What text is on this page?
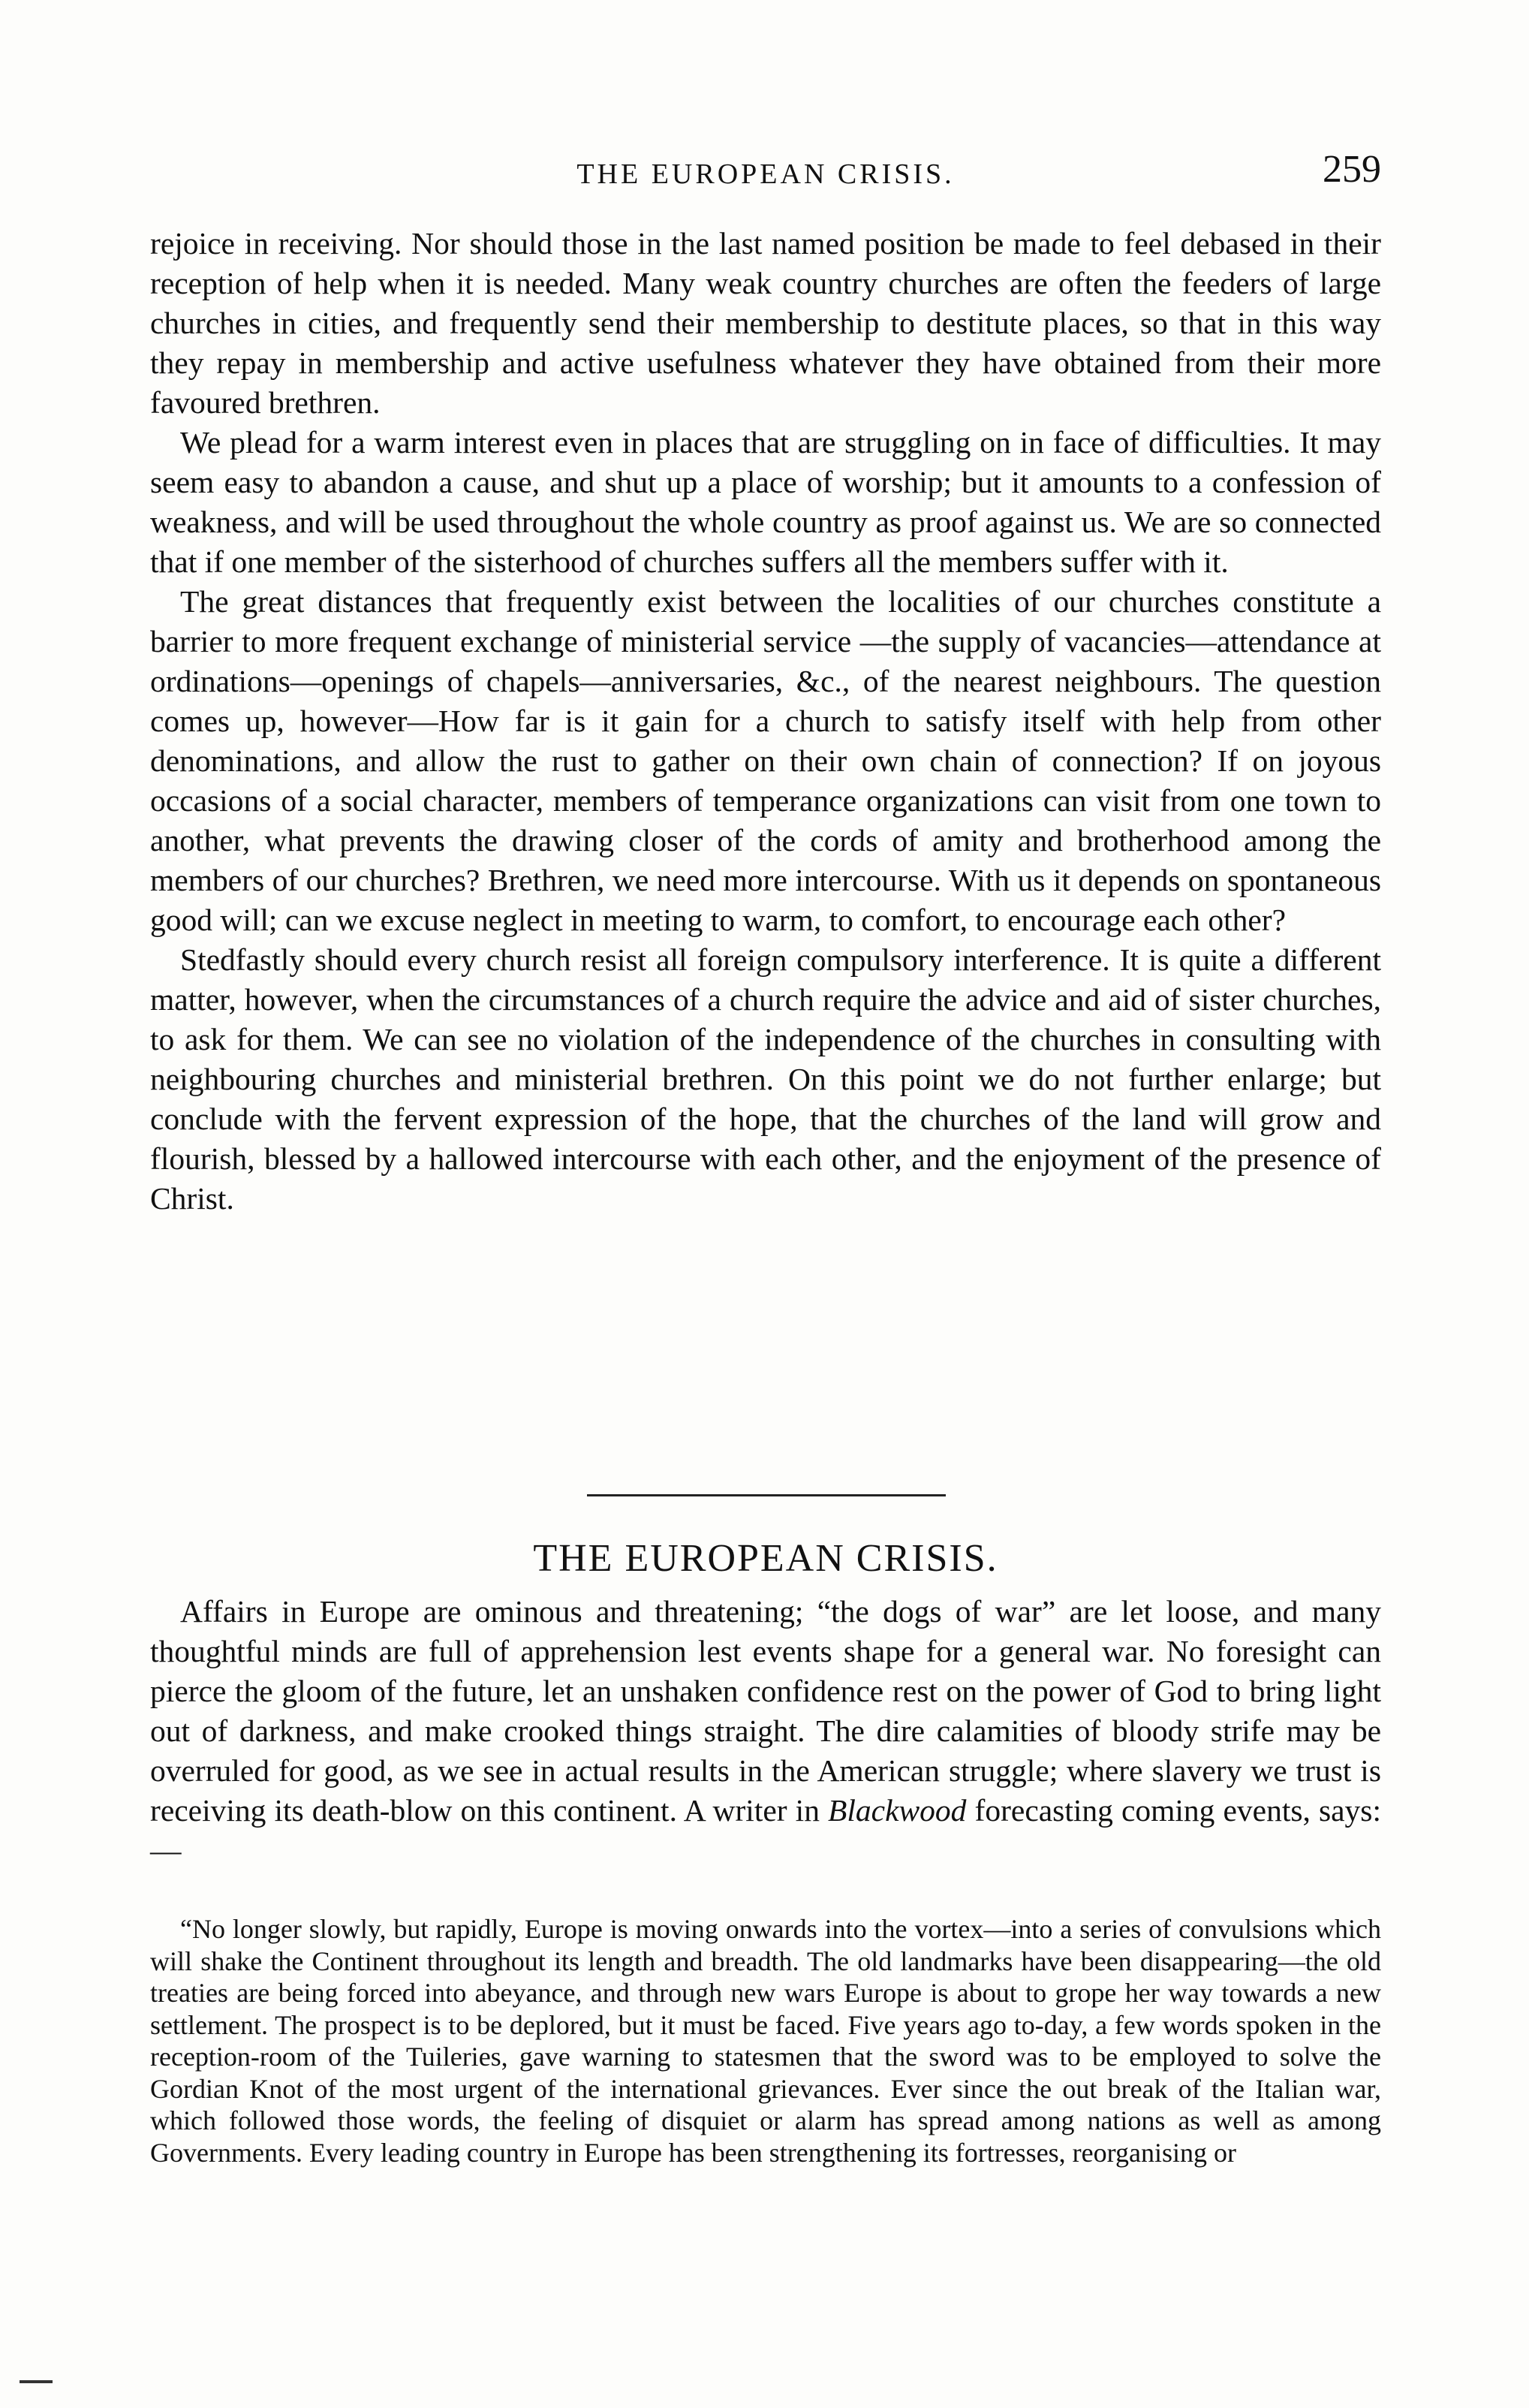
THE EUROPEAN CRISIS.	259

rejoice in receiving. Nor should those in the last named position be made to feel debased in their reception of help when it is needed. Many weak country churches are often the feeders of large churches in cities, and frequently send their membership to destitute places, so that in this way they repay in membership and active usefulness whatever they have obtained from their more favoured brethren.

We plead for a warm interest even in places that are struggling on in face of difficulties. It may seem easy to abandon a cause, and shut up a place of worship; but it amounts to a confession of weakness, and will be used throughout the whole country as proof against us. We are so connected that if one member of the sisterhood of churches suffers all the members suffer with it.

The great distances that frequently exist between the localities of our churches constitute a barrier to more frequent exchange of ministerial service —the supply of vacancies—attendance at ordinations—openings of chapels—anniversaries, &c., of the nearest neighbours. The question comes up, however—How far is it gain for a church to satisfy itself with help from other denominations, and allow the rust to gather on their own chain of connection? If on joyous occasions of a social character, members of temperance organizations can visit from one town to another, what prevents the drawing closer of the cords of amity and brotherhood among the members of our churches? Brethren, we need more intercourse. With us it depends on spontaneous good will; can we excuse neglect in meeting to warm, to comfort, to encourage each other?

Stedfastly should every church resist all foreign compulsory interference. It is quite a different matter, however, when the circumstances of a church require the advice and aid of sister churches, to ask for them. We can see no violation of the independence of the churches in consulting with neighbouring churches and ministerial brethren. On this point we do not further enlarge; but conclude with the fervent expression of the hope, that the churches of the land will grow and flourish, blessed by a hallowed intercourse with each other, and the enjoyment of the presence of Christ.

THE EUROPEAN CRISIS.

Affairs in Europe are ominous and threatening; “the dogs of war” are let loose, and many thoughtful minds are full of apprehension lest events shape for a general war. No foresight can pierce the gloom of the future, let an unshaken confidence rest on the power of God to bring light out of darkness, and make crooked things straight. The dire calamities of bloody strife may be overruled for good, as we see in actual results in the American struggle; where slavery we trust is receiving its death-blow on this continent. A writer in Blackwood forecasting coming events, says:—

“No longer slowly, but rapidly, Europe is moving onwards into the vortex—into a series of convulsions which will shake the Continent throughout its length and breadth. The old landmarks have been disappearing—the old treaties are being forced into abeyance, and through new wars Europe is about to grope her way towards a new settlement. The prospect is to be deplored, but it must be faced. Five years ago to-day, a few words spoken in the reception-room of the Tuileries, gave warning to statesmen that the sword was to be employed to solve the Gordian Knot of the most urgent of the international grievances. Ever since the out break of the Italian war, which followed those words, the feeling of disquiet or alarm has spread among nations as well as among Governments. Every leading country in Europe has been strengthening its fortresses, reorganising or
